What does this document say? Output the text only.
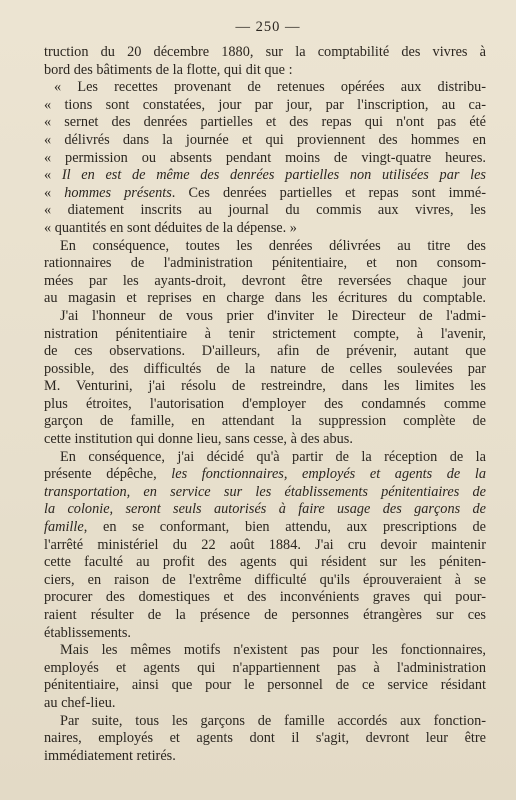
— 250 —

truction du 20 décembre 1880, sur la comptabilité des vivres à
bord des bâtiments de la flotte, qui dit que :

« Les recettes provenant de retenues opérées aux distribu-
« tions sont constatées, jour par jour, par l'inscription, au ca-
« sernet des denrées partielles et des repas qui n'ont pas été
« délivrés dans la journée et qui proviennent des hommes en
« permission ou absents pendant moins de vingt-quatre heures.
« Il en est de même des denrées partielles non utilisées par les
« hommes présents. Ces denrées partielles et repas sont immé-
« diatement inscrits au journal du commis aux vivres, les
« quantités en sont déduites de la dépense. »

En conséquence, toutes les denrées délivrées au titre des
rationnaires de l'administration pénitentiaire, et non consom-
mées par les ayants-droit, devront être reversées chaque jour
au magasin et reprises en charge dans les écritures du comptable.

J'ai l'honneur de vous prier d'inviter le Directeur de l'admi-
nistration pénitentiaire à tenir strictement compte, à l'avenir,
de ces observations. D'ailleurs, afin de prévenir, autant que
possible, des difficultés de la nature de celles soulevées par
M. Venturini, j'ai résolu de restreindre, dans les limites les
plus étroites, l'autorisation d'employer des condamnés comme
garçon de famille, en attendant la suppression complète de
cette institution qui donne lieu, sans cesse, à des abus.

En conséquence, j'ai décidé qu'à partir de la réception de la
présente dépêche, les fonctionnaires, employés et agents de la
transportation, en service sur les établissements pénitentiaires de
la colonie, seront seuls autorisés à faire usage des garçons de
famille, en se conformant, bien attendu, aux prescriptions de
l'arrêté ministériel du 22 août 1884. J'ai cru devoir maintenir
cette faculté au profit des agents qui résident sur les péniten-
ciers, en raison de l'extrême difficulté qu'ils éprouveraient à se
procurer des domestiques et des inconvénients graves qui pour-
raient résulter de la présence de personnes étrangères sur ces
établissements.

Mais les mêmes motifs n'existent pas pour les fonctionnaires,
employés et agents qui n'appartiennent pas à l'administration
pénitentiaire, ainsi que pour le personnel de ce service résidant
au chef-lieu.

Par suite, tous les garçons de famille accordés aux fonction-
naires, employés et agents dont il s'agit, devront leur être
immédiatement retirés.
